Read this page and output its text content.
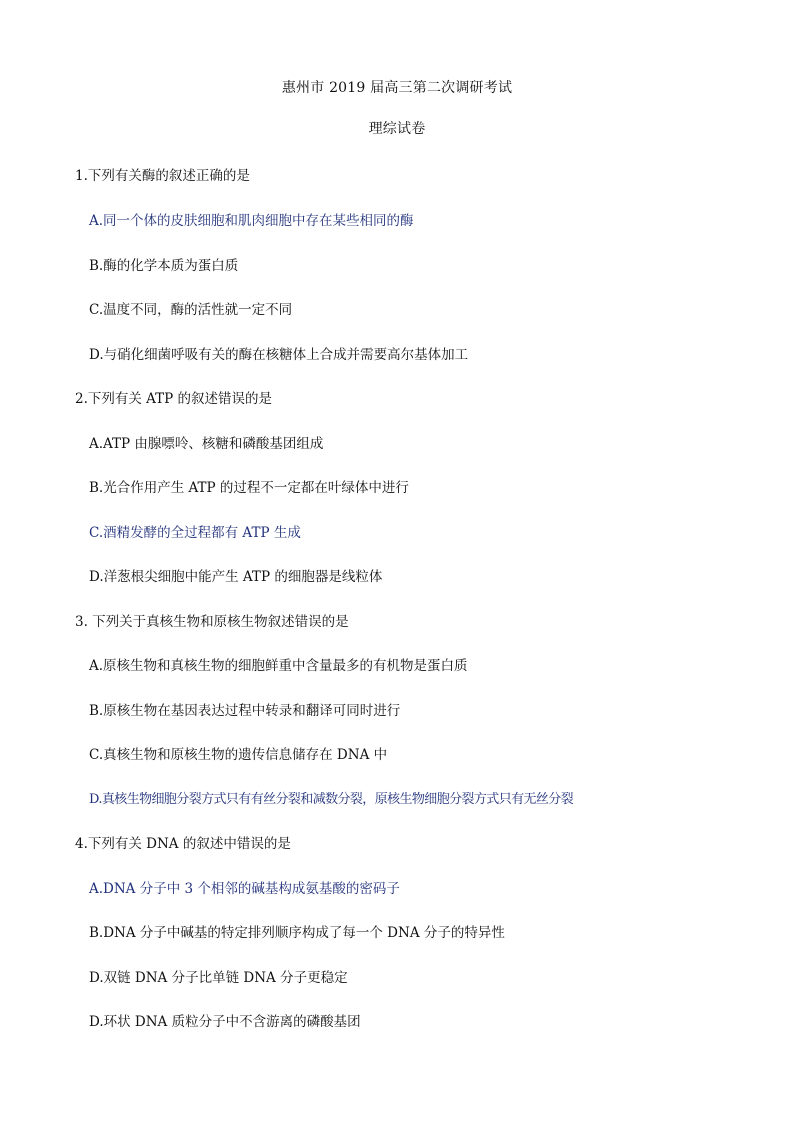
惠州市 2019 届高三第二次调研考试
理综试卷
1.下列有关酶的叙述正确的是
A.同一个体的皮肤细胞和肌肉细胞中存在某些相同的酶
B.酶的化学本质为蛋白质
C.温度不同，酶的活性就一定不同
D.与硝化细菌呼吸有关的酶在核糖体上合成并需要高尔基体加工
2.下列有关 ATP 的叙述错误的是
A.ATP 由腺嘌呤、核糖和磷酸基团组成
B.光合作用产生 ATP 的过程不一定都在叶绿体中进行
C.酒精发酵的全过程都有 ATP 生成
D.洋葱根尖细胞中能产生 ATP 的细胞器是线粒体
3. 下列关于真核生物和原核生物叙述错误的是
A.原核生物和真核生物的细胞鲜重中含量最多的有机物是蛋白质
B.原核生物在基因表达过程中转录和翻译可同时进行
C.真核生物和原核生物的遗传信息储存在 DNA 中
D.真核生物细胞分裂方式只有有丝分裂和减数分裂，原核生物细胞分裂方式只有无丝分裂
4.下列有关 DNA 的叙述中错误的是
A.DNA 分子中 3 个相邻的碱基构成氨基酸的密码子
B.DNA 分子中碱基的特定排列顺序构成了每一个 DNA 分子的特异性
D.双链 DNA 分子比单链 DNA 分子更稳定
D.环状 DNA 质粒分子中不含游离的磷酸基团
